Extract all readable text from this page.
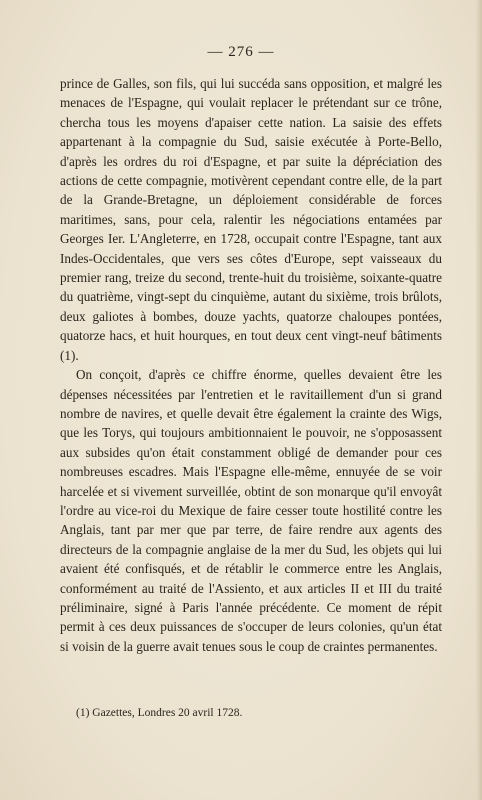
— 276 —

prince de Galles, son fils, qui lui succéda sans opposition, et malgré les menaces de l'Espagne, qui voulait replacer le prétendant sur ce trône, chercha tous les moyens d'apaiser cette nation. La saisie des effets appartenant à la compagnie du Sud, saisie exécutée à Porte-Bello, d'après les ordres du roi d'Espagne, et par suite la dépréciation des actions de cette compagnie, motivèrent cependant contre elle, de la part de la Grande-Bretagne, un déploiement considérable de forces maritimes, sans, pour cela, ralentir les négociations entamées par Georges Ier. L'Angleterre, en 1728, occupait contre l'Espagne, tant aux Indes-Occidentales, que vers ses côtes d'Europe, sept vaisseaux du premier rang, treize du second, trente-huit du troisième, soixante-quatre du quatrième, vingt-sept du cinquième, autant du sixième, trois brûlots, deux galiotes à bombes, douze yachts, quatorze chaloupes pontées, quatorze hacs, et huit hourques, en tout deux cent vingt-neuf bâtiments (1).

On conçoit, d'après ce chiffre énorme, quelles devaient être les dépenses nécessitées par l'entretien et le ravitaillement d'un si grand nombre de navires, et quelle devait être également la crainte des Wigs, que les Torys, qui toujours ambitionnaient le pouvoir, ne s'opposassent aux subsides qu'on était constamment obligé de demander pour ces nombreuses escadres. Mais l'Espagne elle-même, ennuyée de se voir harcelée et si vivement surveillée, obtint de son monarque qu'il envoyât l'ordre au vice-roi du Mexique de faire cesser toute hostilité contre les Anglais, tant par mer que par terre, de faire rendre aux agents des directeurs de la compagnie anglaise de la mer du Sud, les objets qui lui avaient été confisqués, et de rétablir le commerce entre les Anglais, conformément au traité de l'Assiento, et aux articles II et III du traité préliminaire, signé à Paris l'année précédente. Ce moment de répit permit à ces deux puissances de s'occuper de leurs colonies, qu'un état si voisin de la guerre avait tenues sous le coup de craintes permanentes.

(1) Gazettes, Londres 20 avril 1728.
